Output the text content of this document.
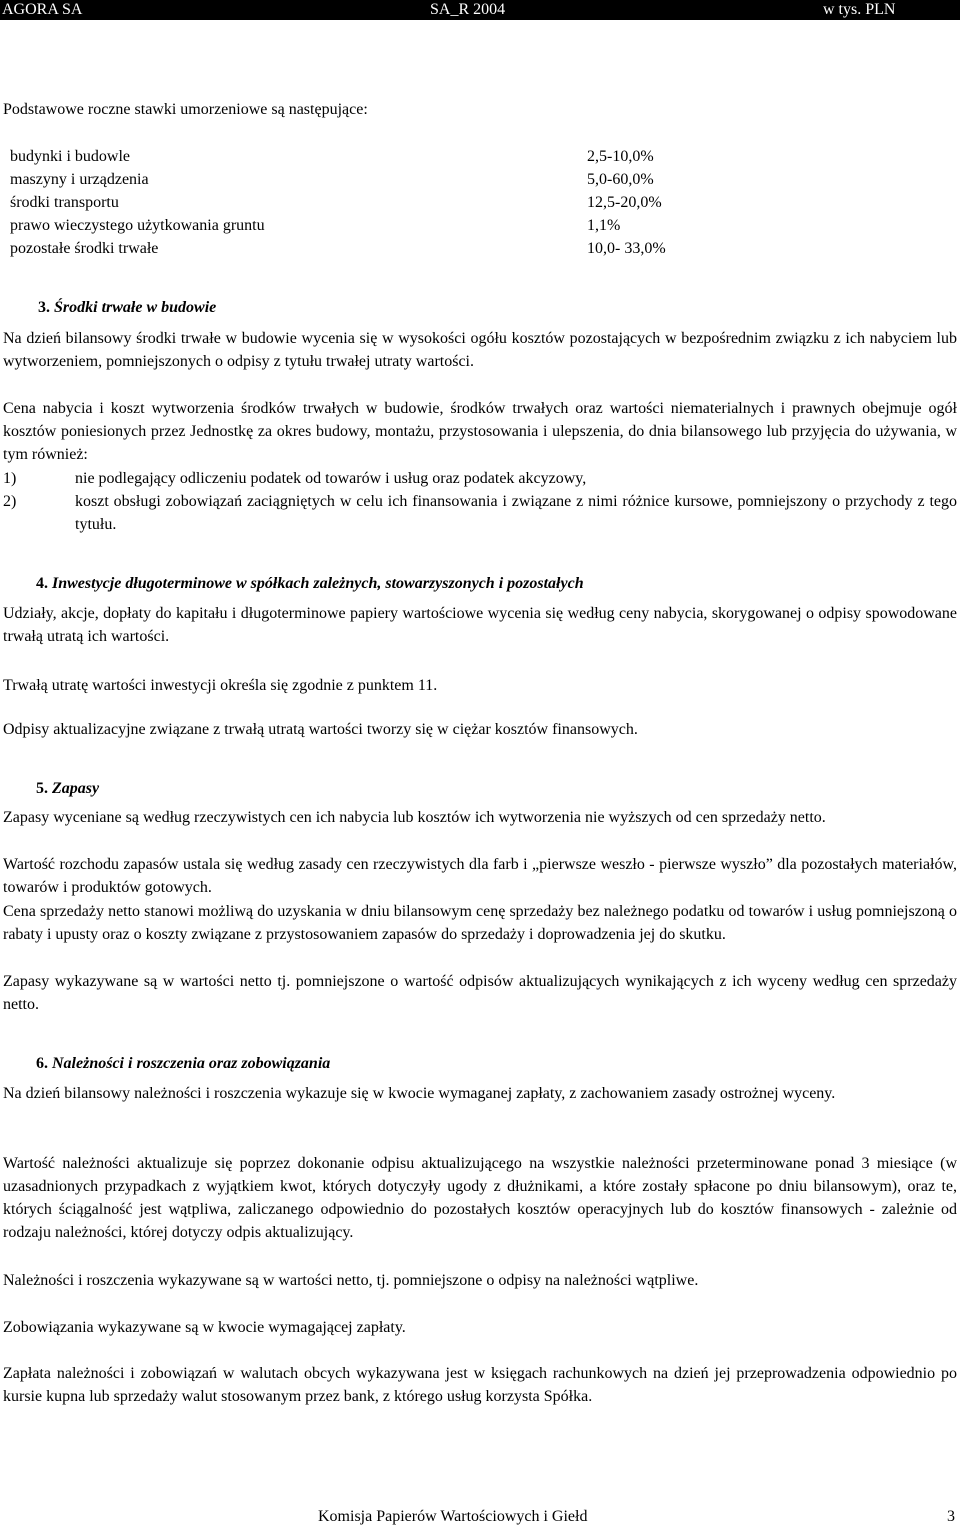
AGORA SA	SA_R 2004	w tys. PLN
Podstawowe roczne stawki umorzeniowe są następujące:
budynki i budowle	2,5-10,0%
maszyny i urządzenia	5,0-60,0%
środki transportu	12,5-20,0%
prawo wieczystego użytkowania gruntu	1,1%
pozostałe środki trwałe	10,0- 33,0%
3. Środki trwałe w budowie
Na dzień bilansowy środki trwałe w budowie wycenia się w wysokości ogółu kosztów pozostających w bezpośrednim związku z ich nabyciem lub wytworzeniem, pomniejszonych o odpisy z tytułu trwałej utraty wartości.
Cena nabycia i koszt wytworzenia środków trwałych w budowie, środków trwałych oraz wartości niematerialnych i prawnych obejmuje ogół kosztów poniesionych przez Jednostkę za okres budowy, montażu, przystosowania i ulepszenia, do dnia bilansowego lub przyjęcia do używania, w tym również:
1)	nie podlegający odliczeniu podatek od towarów i usług oraz podatek akcyzowy,
2)	koszt obsługi zobowiązań zaciągniętych w celu ich finansowania i związane z nimi różnice kursowe, pomniejszony o przychody z tego tytułu.
4. Inwestycje długoterminowe w spółkach zależnych, stowarzyszonych i pozostałych
Udziały, akcje, dopłaty do kapitału i długoterminowe papiery wartościowe wycenia się według ceny nabycia, skorygowanej o odpisy spowodowane trwałą utratą ich wartości.
Trwałą utratę wartości inwestycji określa się zgodnie z punktem 11.
Odpisy aktualizacyjne związane z trwałą utratą wartości tworzy się w ciężar kosztów finansowych.
5. Zapasy
Zapasy wyceniane są według rzeczywistych cen ich nabycia lub kosztów ich wytworzenia nie wyższych od cen sprzedaży netto.
Wartość rozchodu zapasów ustala się według zasady cen rzeczywistych dla farb i „pierwsze weszło - pierwsze wyszło” dla pozostałych materiałów, towarów i produktów gotowych.
Cena sprzedaży netto stanowi możliwą do uzyskania w dniu bilansowym cenę sprzedaży bez należnego podatku od towarów i usług pomniejszoną o rabaty i upusty oraz o koszty związane z przystosowaniem zapasów do sprzedaży i doprowadzenia jej do skutku.
Zapasy wykazywane są w wartości netto tj. pomniejszone o wartość odpisów aktualizujących wynikających z ich wyceny według cen sprzedaży netto.
6. Należności i roszczenia oraz zobowiązania
Na dzień bilansowy należności i roszczenia wykazuje się w kwocie wymaganej zapłaty, z zachowaniem zasady ostrożnej wyceny.
Wartość należności aktualizuje się poprzez dokonanie odpisu aktualizującego na wszystkie należności przeterminowane ponad 3 miesiące (w uzasadnionych przypadkach z wyjątkiem kwot, których dotyczyły ugody z dłużnikami, a które zostały spłacone po dniu bilansowym), oraz te, których ściągalność jest wątpliwa, zaliczanego odpowiednio do pozostałych kosztów operacyjnych lub do kosztów finansowych - zależnie od rodzaju należności, której dotyczy odpis aktualizujący.
Należności i roszczenia wykazywane są w wartości netto, tj. pomniejszone o odpisy na należności wątpliwe.
Zobowiązania wykazywane są w kwocie wymagającej zapłaty.
Zapłata należności i zobowiązań w walutach obcych wykazywana jest w księgach rachunkowych na dzień jej przeprowadzenia odpowiednio po kursie kupna lub sprzedaży walut stosowanym przez bank, z którego usług korzysta Spółka.
Komisja Papierów Wartościowych i Giełd	3
